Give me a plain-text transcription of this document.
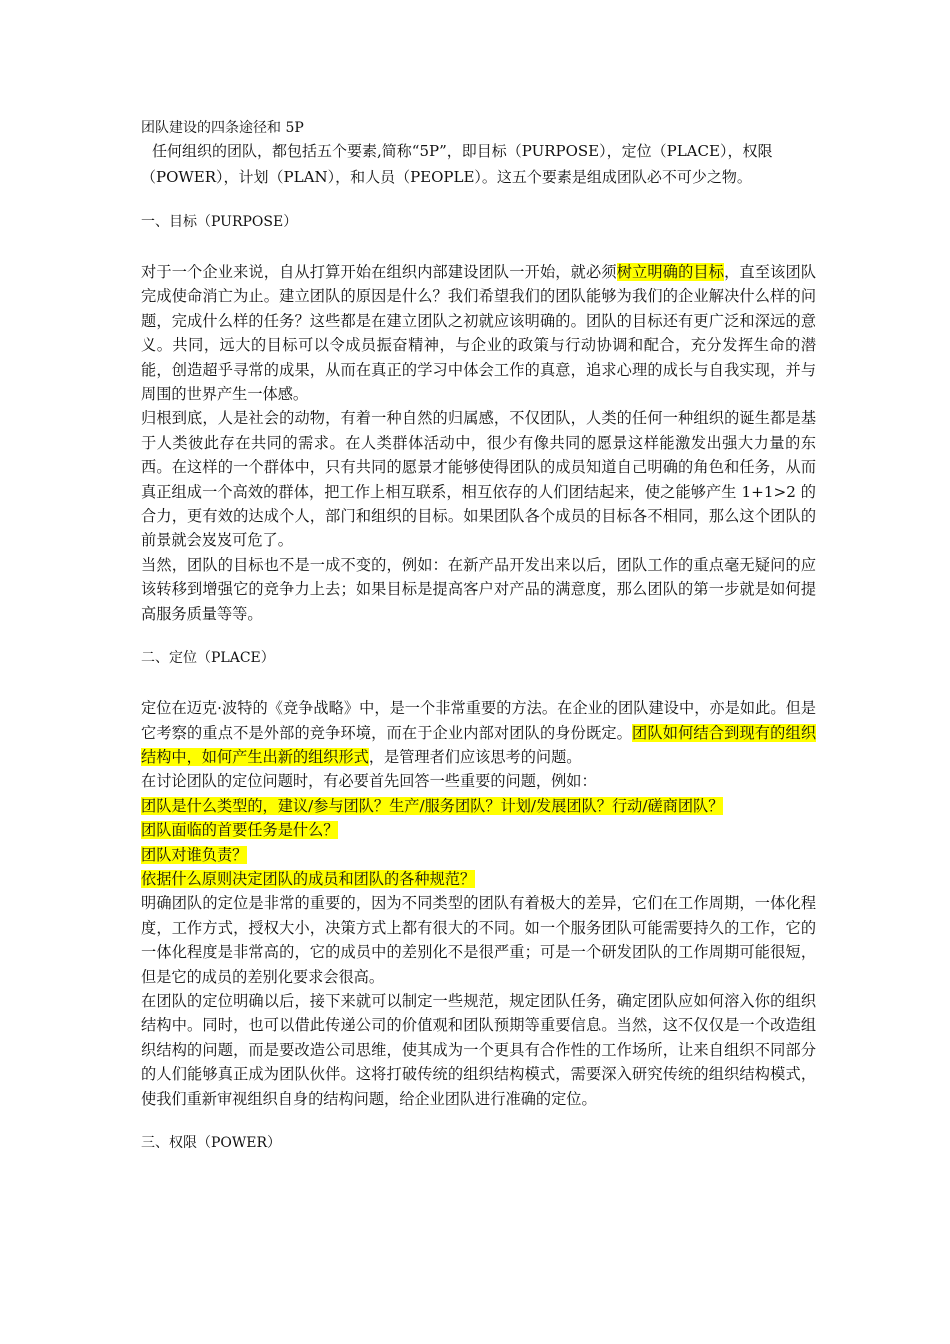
团队建设的四条途径和 5P

任何组织的团队，都包括五个要素,简称“5P”，即目标（PURPOSE），定位（PLACE），权限（POWER），计划（PLAN），和人员（PEOPLE）。这五个要素是组成团队必不可少之物。

一、目标（PURPOSE）

对于一个企业来说，自从打算开始在组织内部建设团队一开始，就必须树立明确的目标，直至该团队完成使命消亡为止。建立团队的原因是什么？我们希望我们的团队能够为我们的企业解决什么样的问题，完成什么样的任务？这些都是在建立团队之初就应该明确的。团队的目标还有更广泛和深远的意义。共同，远大的目标可以令成员振奋精神，与企业的政策与行动协调和配合，充分发挥生命的潜能，创造超乎寻常的成果，从而在真正的学习中体会工作的真意，追求心理的成长与自我实现，并与周围的世界产生一体感。

归根到底，人是社会的动物，有着一种自然的归属感，不仅团队，人类的任何一种组织的诞生都是基于人类彼此存在共同的需求。在人类群体活动中，很少有像共同的愿景这样能激发出强大力量的东西。在这样的一个群体中，只有共同的愿景才能够使得团队的成员知道自己明确的角色和任务，从而真正组成一个高效的群体，把工作上相互联系，相互依存的人们团结起来，使之能够产生 1+1>2 的合力，更有效的达成个人，部门和组织的目标。如果团队各个成员的目标各不相同，那么这个团队的前景就会岌岌可危了。

当然，团队的目标也不是一成不变的，例如：在新产品开发出来以后，团队工作的重点毫无疑问的应该转移到增强它的竞争力上去；如果目标是提高客户对产品的满意度，那么团队的第一步就是如何提高服务质量等等。

二、定位（PLACE）

定位在迈克·波特的《竞争战略》中，是一个非常重要的方法。在企业的团队建设中，亦是如此。但是它考察的重点不是外部的竞争环境，而在于企业内部对团队的身份既定。团队如何结合到现有的组织结构中，如何产生出新的组织形式，是管理者们应该思考的问题。

在讨论团队的定位问题时，有必要首先回答一些重要的问题，例如：

团队是什么类型的，建议/参与团队？生产/服务团队？计划/发展团队？行动/磋商团队？

团队面临的首要任务是什么？

团队对谁负责？

依据什么原则决定团队的成员和团队的各种规范？

明确团队的定位是非常的重要的，因为不同类型的团队有着极大的差异，它们在工作周期，一体化程度，工作方式，授权大小，决策方式上都有很大的不同。如一个服务团队可能需要持久的工作，它的一体化程度是非常高的，它的成员中的差别化不是很严重；可是一个研发团队的工作周期可能很短，但是它的成员的差别化要求会很高。

在团队的定位明确以后，接下来就可以制定一些规范，规定团队任务，确定团队应如何溶入你的组织结构中。同时，也可以借此传递公司的价值观和团队预期等重要信息。当然，这不仅仅是一个改造组织结构的问题，而是要改造公司思维，使其成为一个更具有合作性的工作场所，让来自组织不同部分的人们能够真正成为团队伙伴。这将打破传统的组织结构模式，需要深入研究传统的组织结构模式，使我们重新审视组织自身的结构问题，给企业团队进行准确的定位。

三、权限（POWER）
